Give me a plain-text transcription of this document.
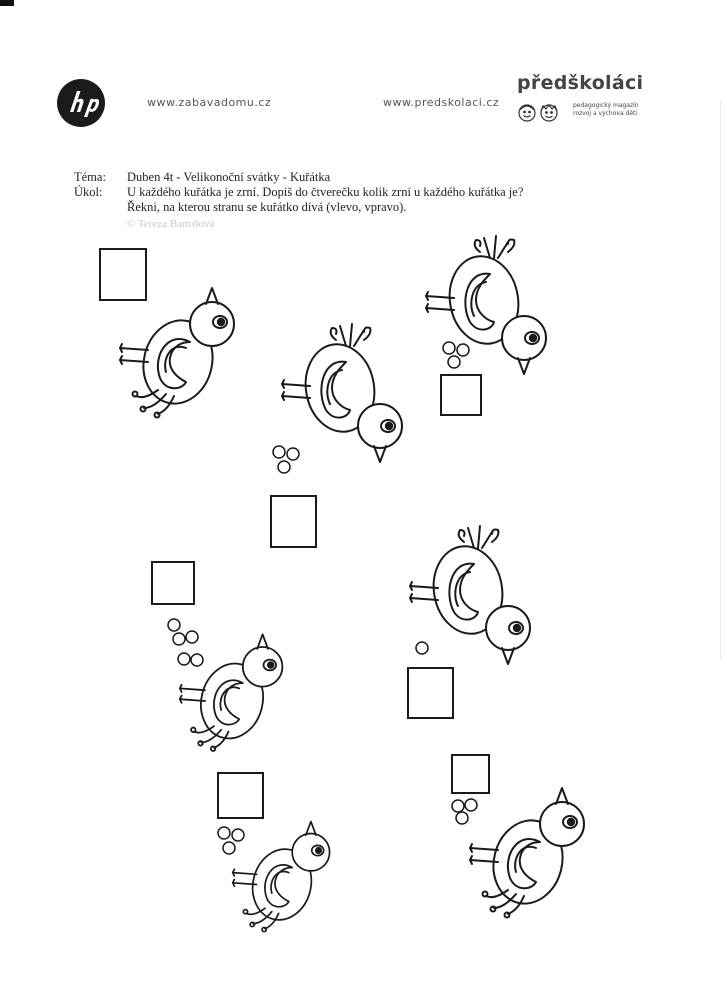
www.zabavadomu.cz	www.predskolaci.cz
předškoláci
pedagogický magazín rozvoj a výchova dětí
Téma:	Duben 4t - Velikonoční svátky - Kuřátka
Úkol:	U každého kuřátka je zrní. Dopiš do čtverečku kolik zrní u každého kuřátka je?
Řekni, na kterou stranu se kuřátko dívá (vlevo, vpravo).
© Tereza Bartošová
